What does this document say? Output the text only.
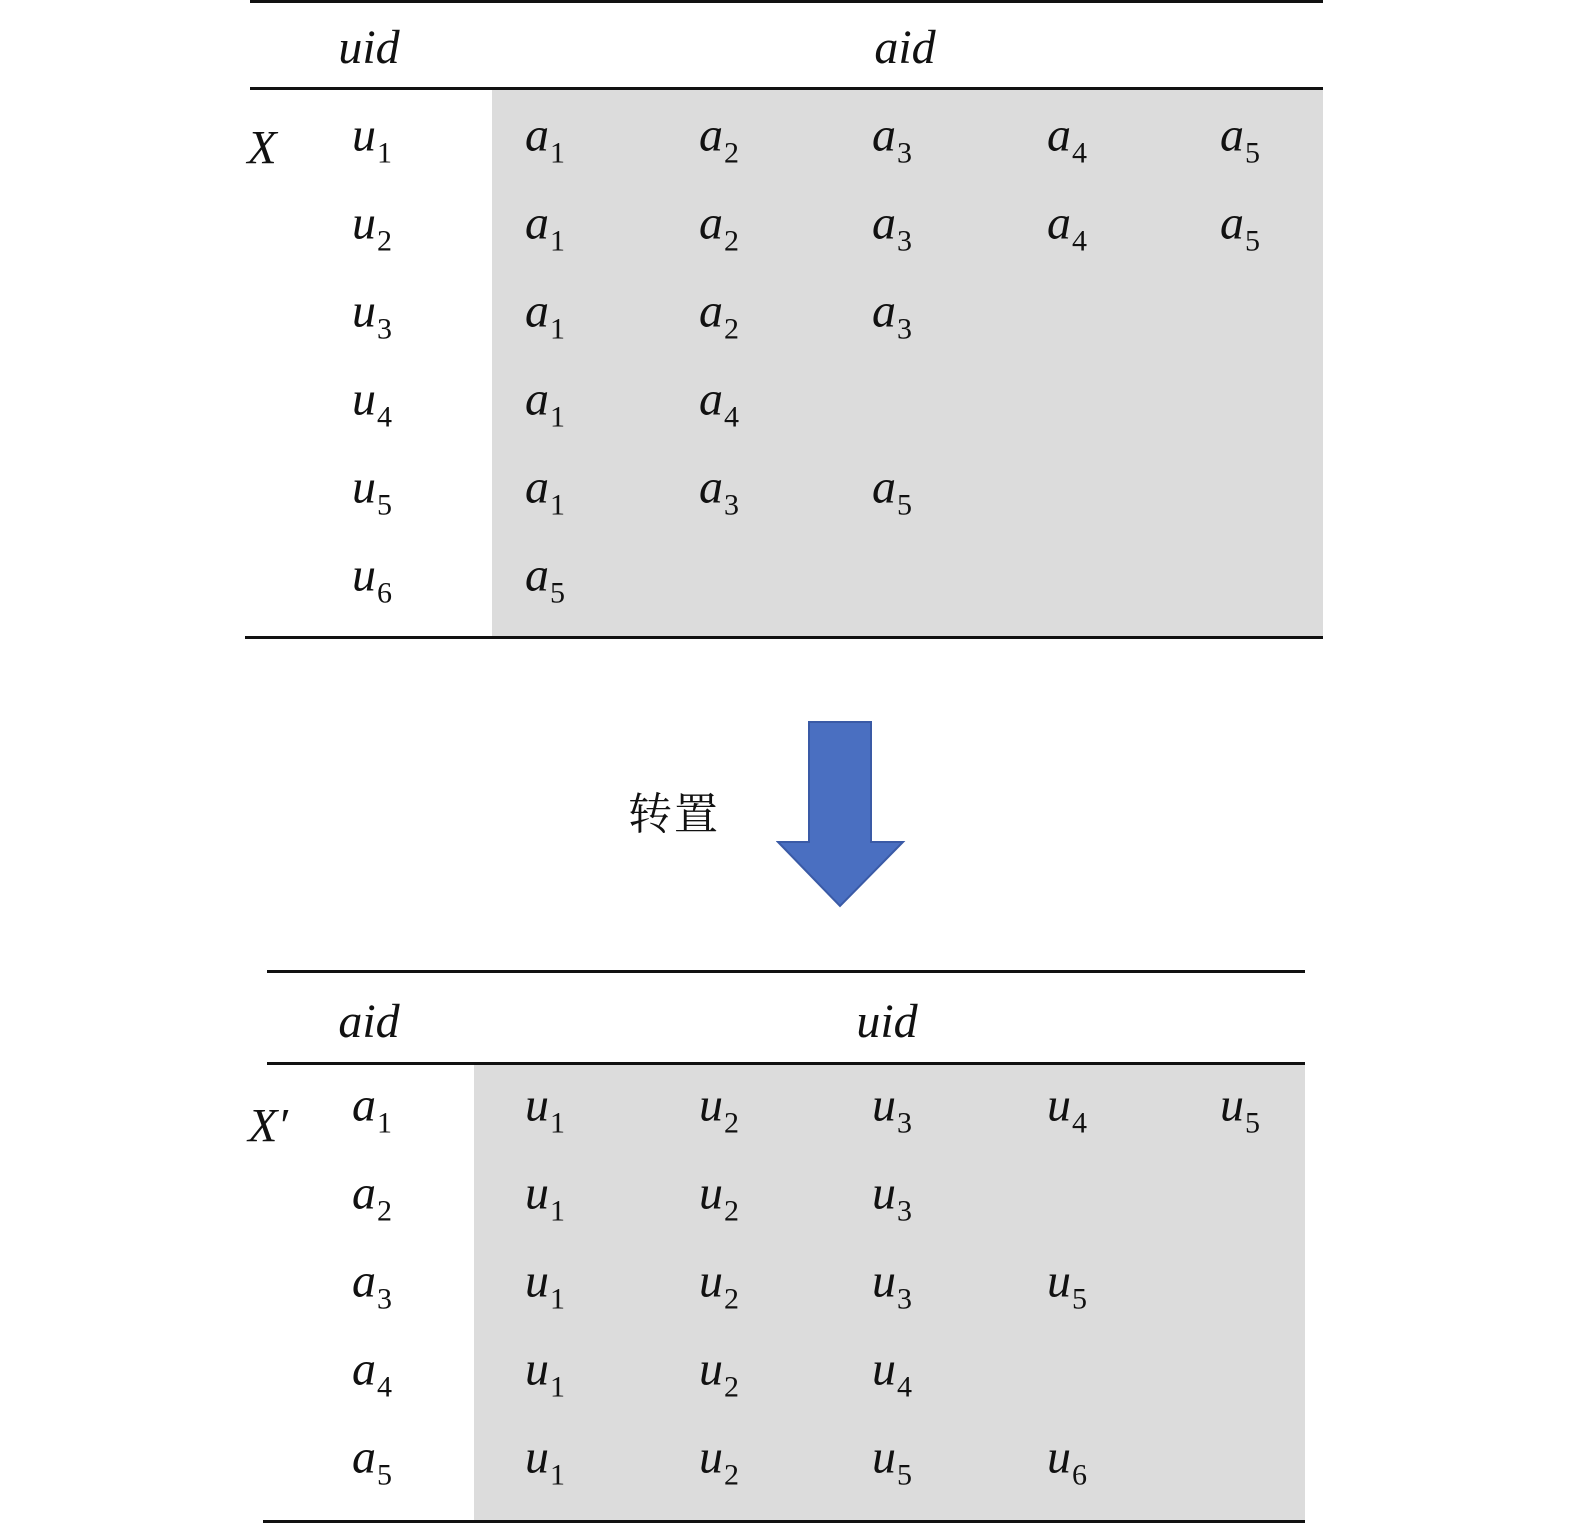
uid	aid
X $u_1$	$a_1$	$a_2$	$a_3$	$a_4$	$a_5$
$u_2$	$a_1$	$a_2$	$a_3$	$a_4$	$a_5$
$u_3$	$a_1$	$a_2$	$a_3$
$u_4$	$a_1$	$a_4$
$u_5$	$a_1$	$a_3$	$a_5$
$u_6$	$a_5$
转置
aid	uid
X′ $a_1$	$u_1$	$u_2$	$u_3$	$u_4$	$u_5$
$a_2$	$u_1$	$u_2$	$u_3$
$a_3$	$u_1$	$u_2$	$u_3$	$u_5$
$a_4$	$u_1$	$u_2$	$u_4$
$a_5$	$u_1$	$u_2$	$u_5$	$u_6$
